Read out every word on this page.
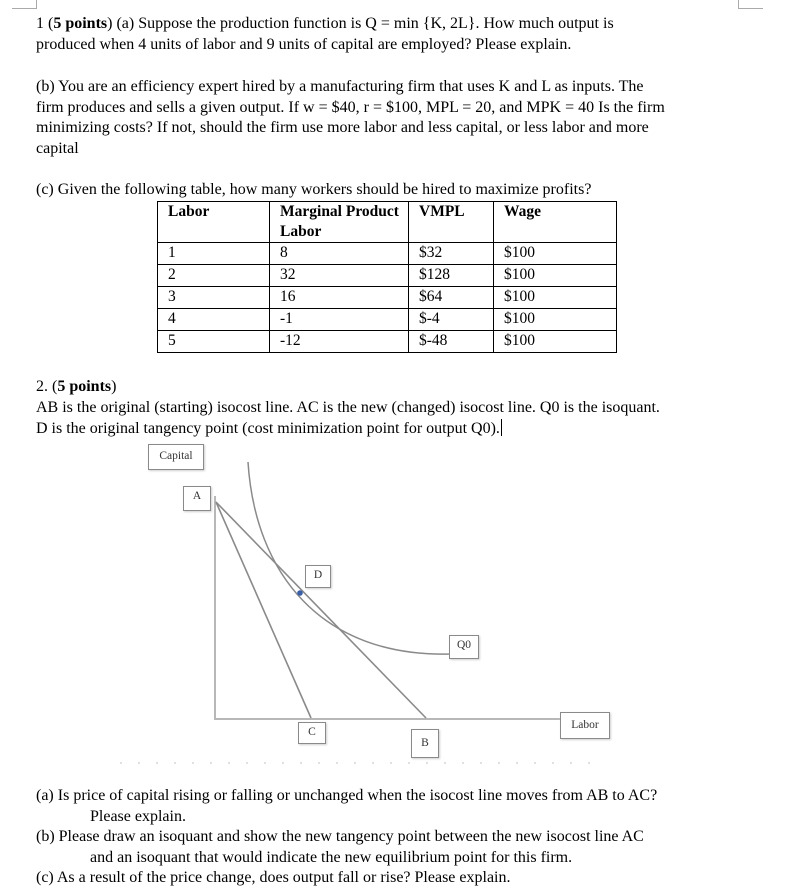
1 (5 points) (a) Suppose the production function is Q = min {K, 2L}. How much output is
produced when 4 units of labor and 9 units of capital are employed? Please explain.
(b) You are an efficiency expert hired by a manufacturing firm that uses K and L as inputs. The
firm produces and sells a given output. If w = $40, r = $100, MPL = 20, and MPK = 40 Is the firm
minimizing costs? If not, should the firm use more labor and less capital, or less labor and more
capital
(c) Given the following table, how many workers should be hired to maximize profits?
Labor	Marginal Product Labor	VMPL	Wage
1	8	$32	$100
2	32	$128	$100
3	16	$64	$100
4	-1	$-4	$100
5	-12	$-48	$100
2. (5 points)
AB is the original (starting) isocost line. AC is the new (changed) isocost line. Q0 is the isoquant.
D is the original tangency point (cost minimization point for output Q0).
Capital
A
D
Q0
Labor
C
B
(a) Is price of capital rising or falling or unchanged when the isocost line moves from AB to AC?
Please explain.
(b) Please draw an isoquant and show the new tangency point between the new isocost line AC
and an isoquant that would indicate the new equilibrium point for this firm.
(c) As a result of the price change, does output fall or rise? Please explain.
